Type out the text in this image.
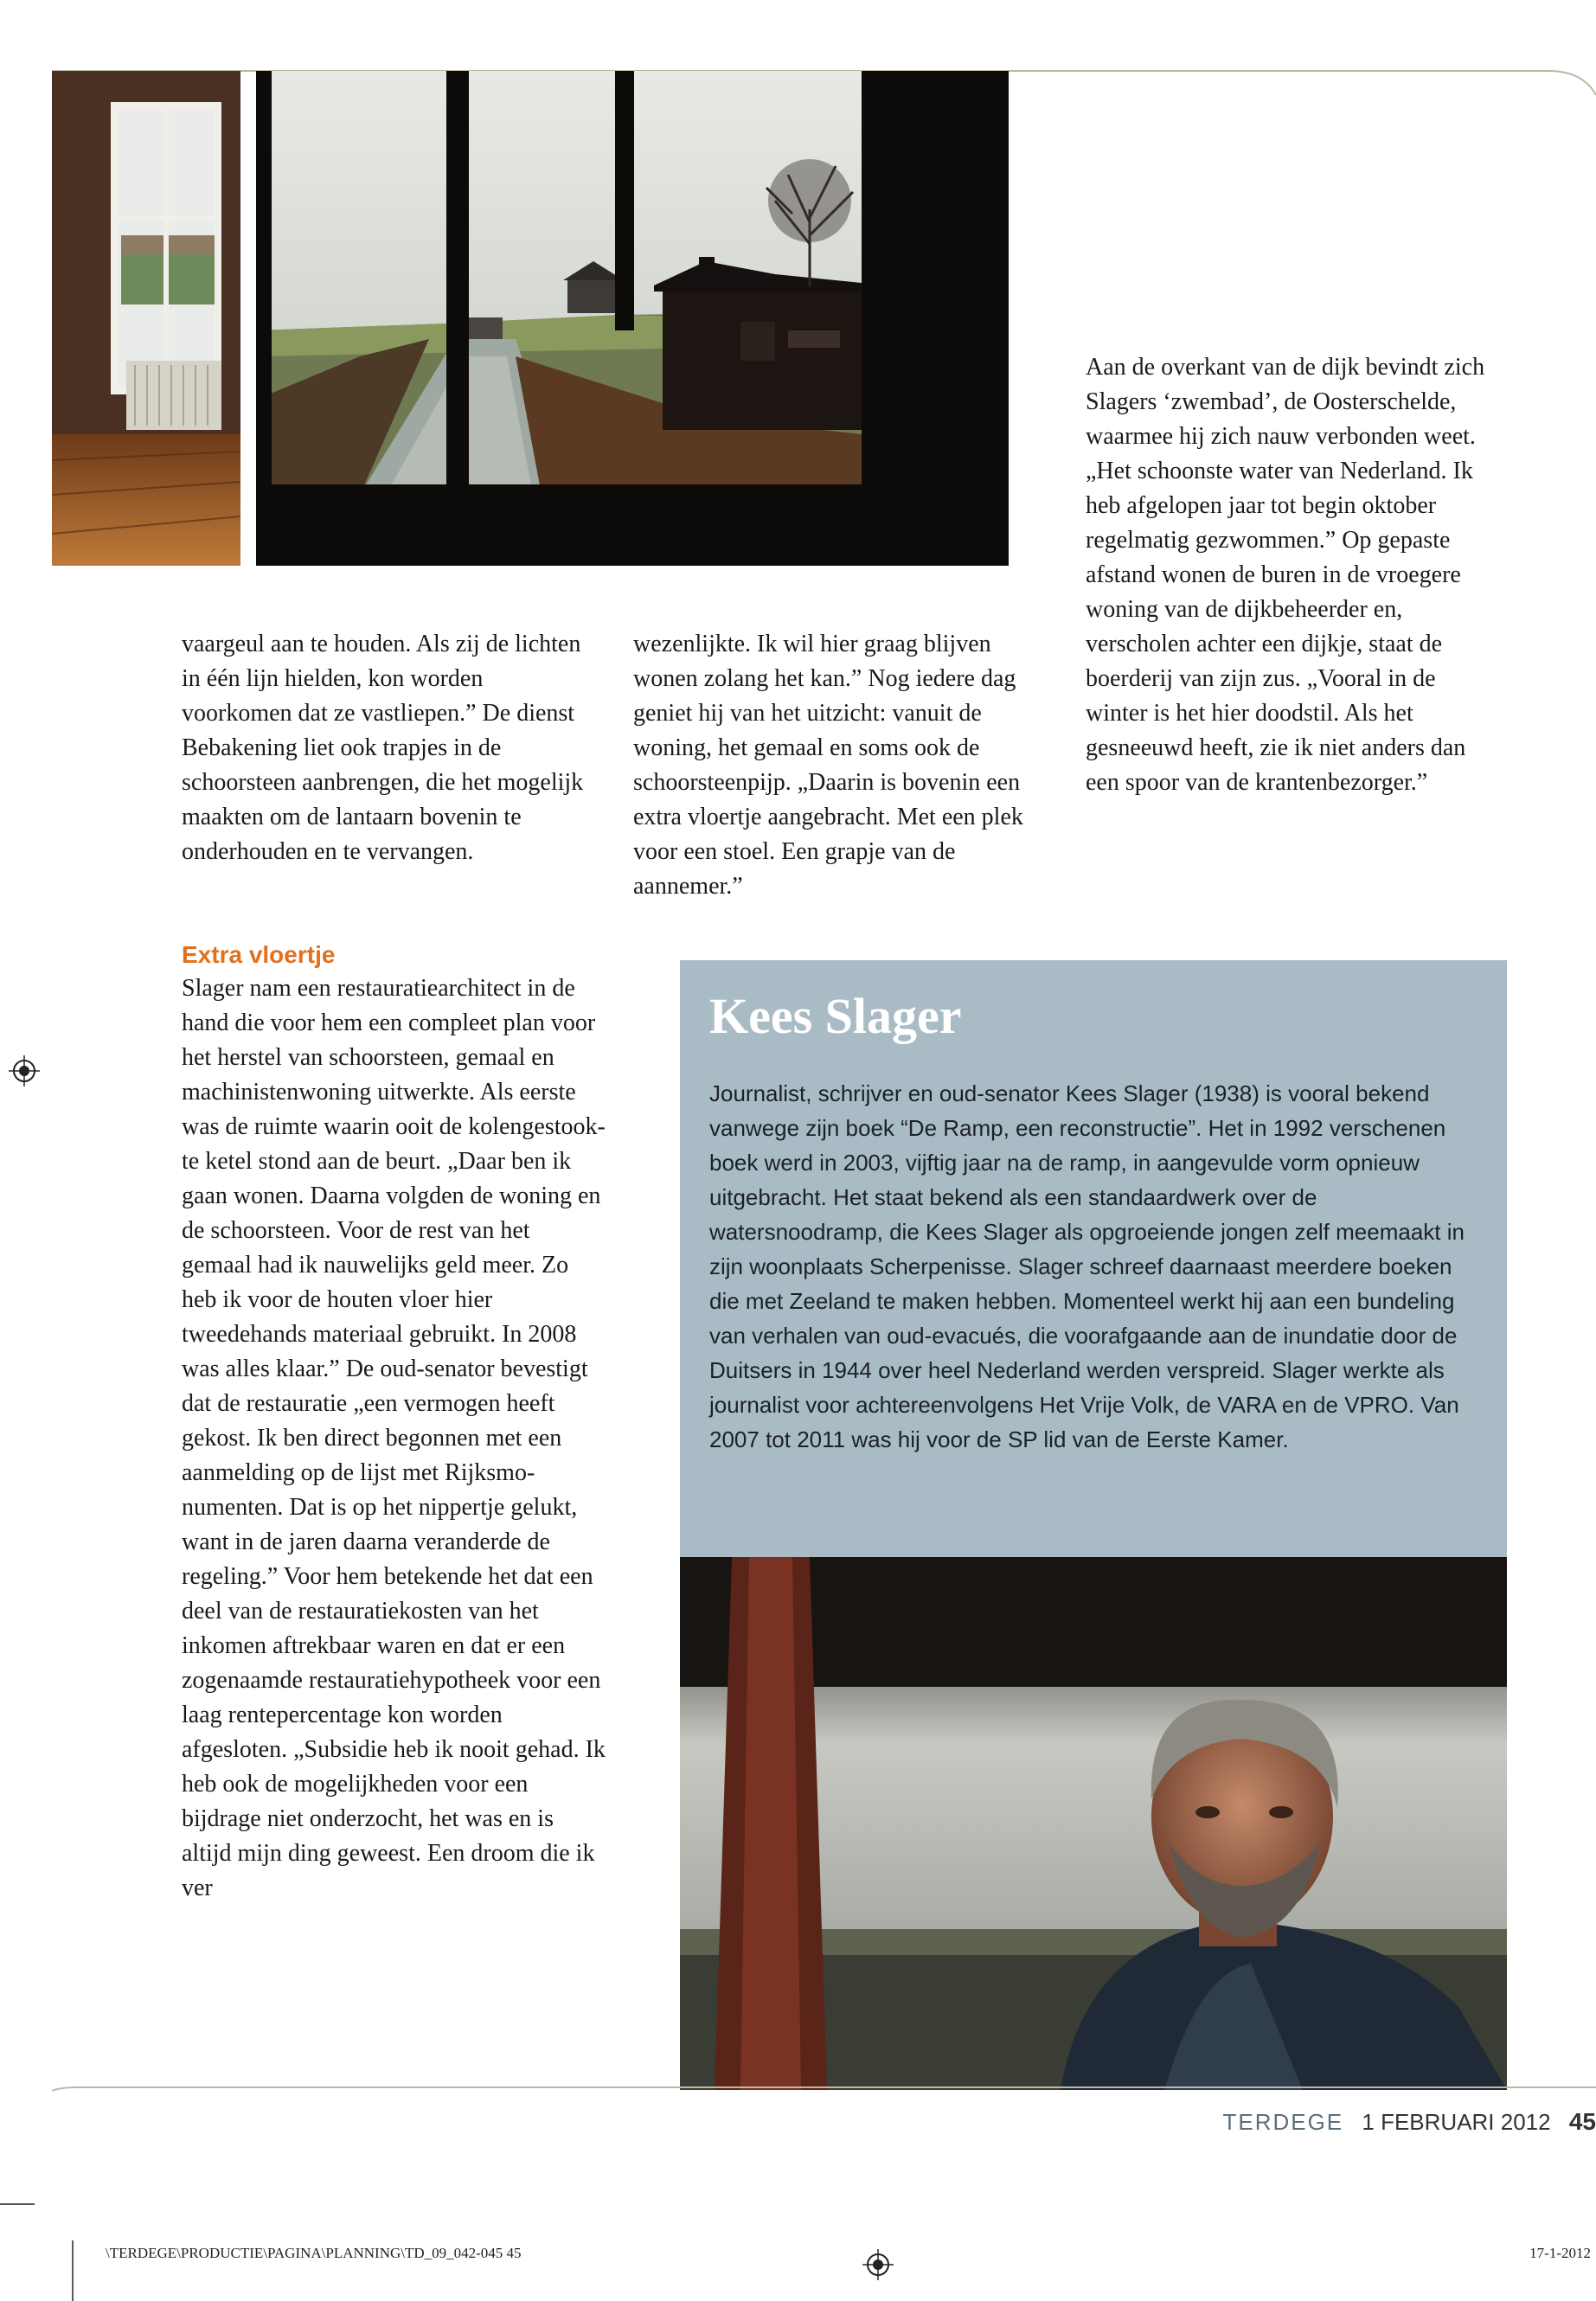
Aan de overkant van de dijk bevindt zich Slagers ‘zwembad’, de Oosterschelde, waarmee hij zich nauw verbonden weet. „Het schoonste water van Nederland. Ik heb afgelopen jaar tot begin oktober regelmatig gezwommen.” Op gepaste afstand wonen de buren in de vroegere woning van de dijkbeheerder en, verscholen achter een dijkje, staat de boerderij van zijn zus. „Vooral in de winter is het hier doodstil. Als het gesneeuwd heeft, zie ik niet anders dan een spoor van de krantenbezorger.”

vaargeul aan te houden. Als zij de lichten in één lijn hielden, kon worden voorkomen dat ze vastliepen.” De dienst Bebakening liet ook trapjes in de schoorsteen aanbrengen, die het mogelijk maakten om de lantaarn bovenin te onderhouden en te vervangen.

wezenlijkte. Ik wil hier graag blijven wonen zolang het kan.” Nog iedere dag geniet hij van het uitzicht: vanuit de woning, het gemaal en soms ook de schoorsteenpijp. „Daarin is bovenin een extra vloertje aangebracht. Met een plek voor een stoel. Een grapje van de aannemer.”

Extra vloertje

Slager nam een restauratiearchitect in de hand die voor hem een compleet plan voor het herstel van schoorsteen, gemaal en machinistenwoning uitwerkte. Als eerste was de ruimte waarin ooit de kolengestookte ketel stond aan de beurt. „Daar ben ik gaan wonen. Daarna volgden de woning en de schoorsteen. Voor de rest van het gemaal had ik nauwelijks geld meer. Zo heb ik voor de houten vloer hier tweedehands materiaal gebruikt. In 2008 was alles klaar.” De oud-senator bevestigt dat de restauratie „een vermogen heeft gekost. Ik ben direct begonnen met een aanmelding op de lijst met Rijksmonumenten. Dat is op het nippertje gelukt, want in de jaren daarna veranderde de regeling.” Voor hem betekende het dat een deel van de restauratiekosten van het inkomen aftrekbaar waren en dat er een zogenaamde restauratiehypotheek voor een laag rentepercentage kon worden afgesloten. „Subsidie heb ik nooit gehad. Ik heb ook de mogelijkheden voor een bijdrage niet onderzocht, het was en is altijd mijn ding geweest. Een droom die ik ver

Kees Slager

Journalist, schrijver en oud-senator Kees Slager (1938) is vooral bekend vanwege zijn boek “De Ramp, een reconstructie”. Het in 1992 verschenen boek werd in 2003, vijftig jaar na de ramp, in aangevulde vorm opnieuw uitgebracht. Het staat bekend als een standaardwerk over de watersnoodramp, die Kees Slager als opgroeiende jongen zelf meemaakt in zijn woonplaats Scherpenisse. Slager schreef daarnaast meerdere boeken die met Zeeland te maken hebben. Momenteel werkt hij aan een bundeling van verhalen van oud-evacués, die voorafgaande aan de inundatie door de Duitsers in 1944 over heel Nederland werden verspreid. Slager werkte als journalist voor achtereenvolgens Het Vrije Volk, de VARA en de VPRO. Van 2007 tot 2011 was hij voor de SP lid van de Eerste Kamer.

TERDEGE 1 FEBRUARI 2012 45
\TERDEGE\PRODUCTIE\PAGINA\PLANNING\TD_09_042-045 45	17-1-2012
